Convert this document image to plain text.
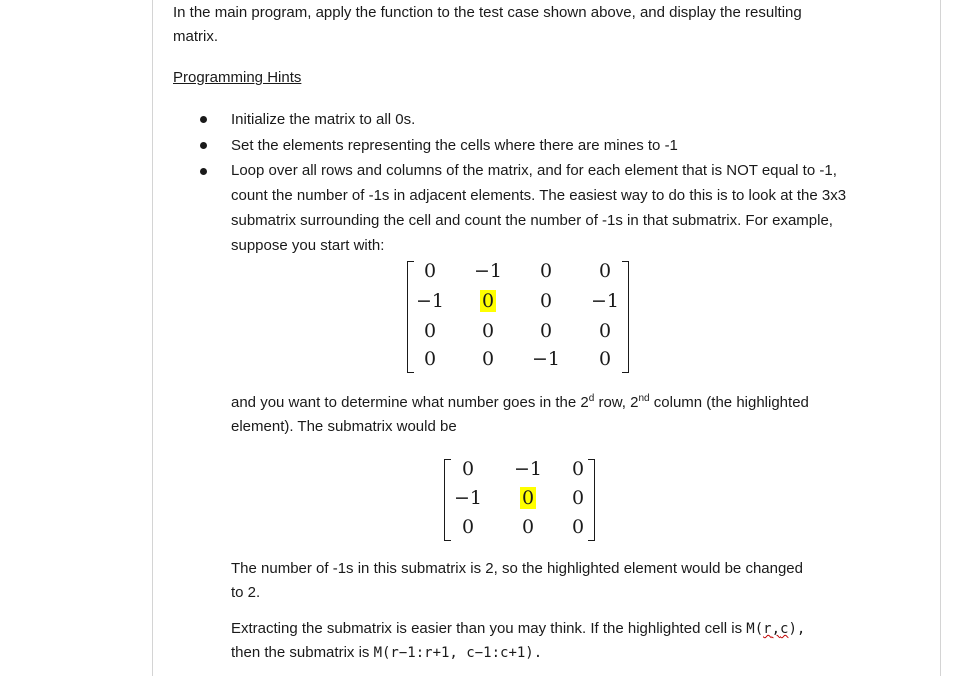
In the main program, apply the function to the test case shown above, and display the resulting
matrix.
Programming Hints
Initialize the matrix to all 0s.
Set the elements representing the cells where there are mines to -1
Loop over all rows and columns of the matrix, and for each element that is NOT equal to -1, count the number of -1s in adjacent elements. The easiest way to do this is to look at the 3x3 submatrix surrounding the cell and count the number of -1s in that submatrix. For example, suppose you start with:
0	−1	0	0
−1	0	0	−1
0	0	0	0
0	0	−1	0
and you want to determine what number goes in the 2$^d$ row, 2nd column (the highlighted
element). The submatrix would be
0	−1	0
−1	0	0
0	0	0
The number of -1s in this submatrix is 2, so the highlighted element would be changed
to 2.
Extracting the submatrix is easier than you may think. If the highlighted cell is M(r,c),
then the submatrix is M(r−1:r+1, c−1:c+1).
